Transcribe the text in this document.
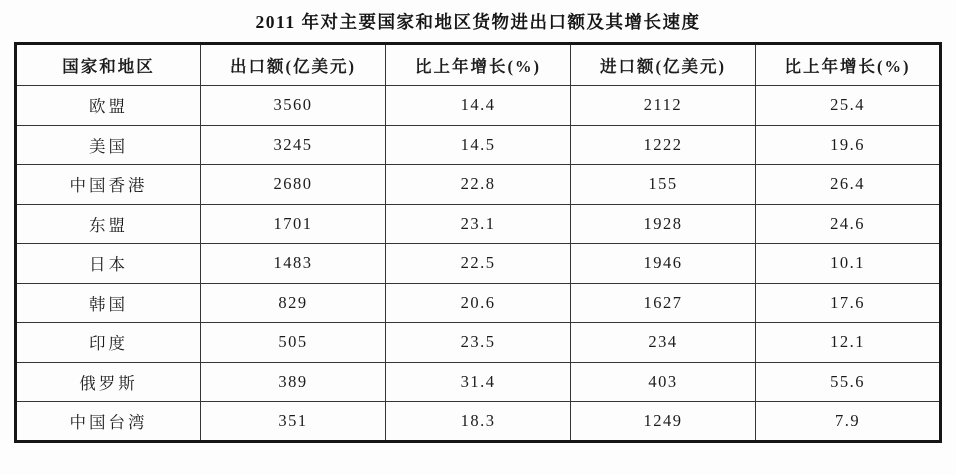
2011 年对主要国家和地区货物进出口额及其增长速度
国家和地区	出口额(亿美元)	比上年增长(%)	进口额(亿美元)	比上年增长(%)
欧盟	3560	14.4	2112	25.4
美国	3245	14.5	1222	19.6
中国香港	2680	22.8	155	26.4
东盟	1701	23.1	1928	24.6
日本	1483	22.5	1946	10.1
韩国	829	20.6	1627	17.6
印度	505	23.5	234	12.1
俄罗斯	389	31.4	403	55.6
中国台湾	351	18.3	1249	7.9
